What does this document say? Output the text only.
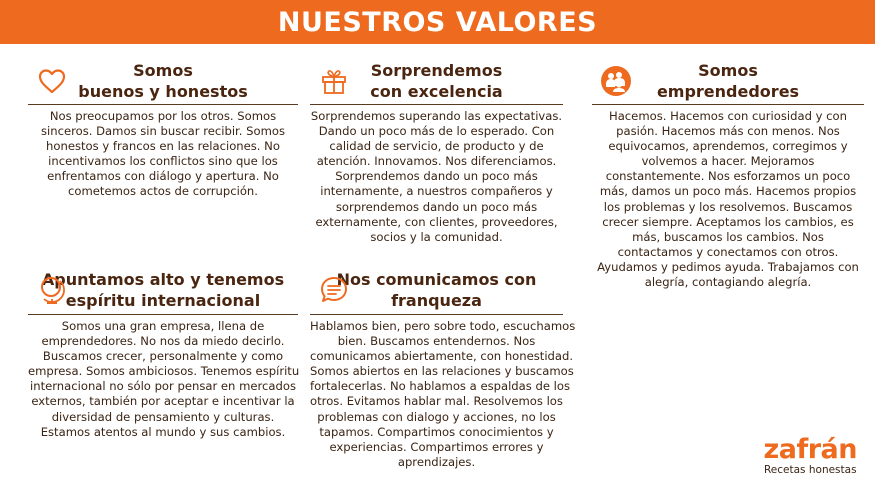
NUESTROS VALORES
Somos
buenos y honestos

Nos preocupamos por los otros. Somos

sinceros. Damos sin buscar recibir. Somos

honestos y francos en las relaciones. No

incentivamos los conflictos sino que los

enfrentamos con diálogo y apertura. No

cometemos actos de corrupción.

Sorprendemos
con excelencia

Sorprendemos superando las expectativas.

Dando un poco más de lo esperado. Con

calidad de servicio, de producto y de

atención. Innovamos. Nos diferenciamos.

Sorprendemos dando un poco más

internamente, a nuestros compañeros y

sorprendemos dando un poco más

externamente, con clientes, proveedores,

socios y la comunidad.

Somos
emprendedores

Hacemos. Hacemos con curiosidad y con

pasión. Hacemos más con menos. Nos

equivocamos, aprendemos, corregimos y

volvemos a hacer. Mejoramos

constantemente. Nos esforzamos un poco

más, damos un poco más. Hacemos propios

los problemas y los resolvemos. Buscamos

crecer siempre. Aceptamos los cambios, es

más, buscamos los cambios. Nos

contactamos y conectamos con otros.

Ayudamos y pedimos ayuda. Trabajamos con

alegría, contagiando alegría.

Apuntamos alto y tenemos
espíritu internacional

Somos una gran empresa, llena de

emprendedores. No nos da miedo decirlo.

Buscamos crecer, personalmente y como

empresa. Somos ambiciosos. Tenemos espíritu

internacional no sólo por pensar en mercados

externos, también por aceptar e incentivar la

diversidad de pensamiento y culturas.

Estamos atentos al mundo y sus cambios.

Nos comunicamos con
franqueza

Hablamos bien, pero sobre todo, escuchamos

bien. Buscamos entendernos. Nos

comunicamos abiertamente, con honestidad.

Somos abiertos en las relaciones y buscamos

fortalecerlas. No hablamos a espaldas de los

otros. Evitamos hablar mal. Resolvemos los

problemas con dialogo y acciones, no los

tapamos. Compartimos conocimientos y

experiencias. Compartimos errores y

aprendizajes.	zafrán
Recetas honestas
